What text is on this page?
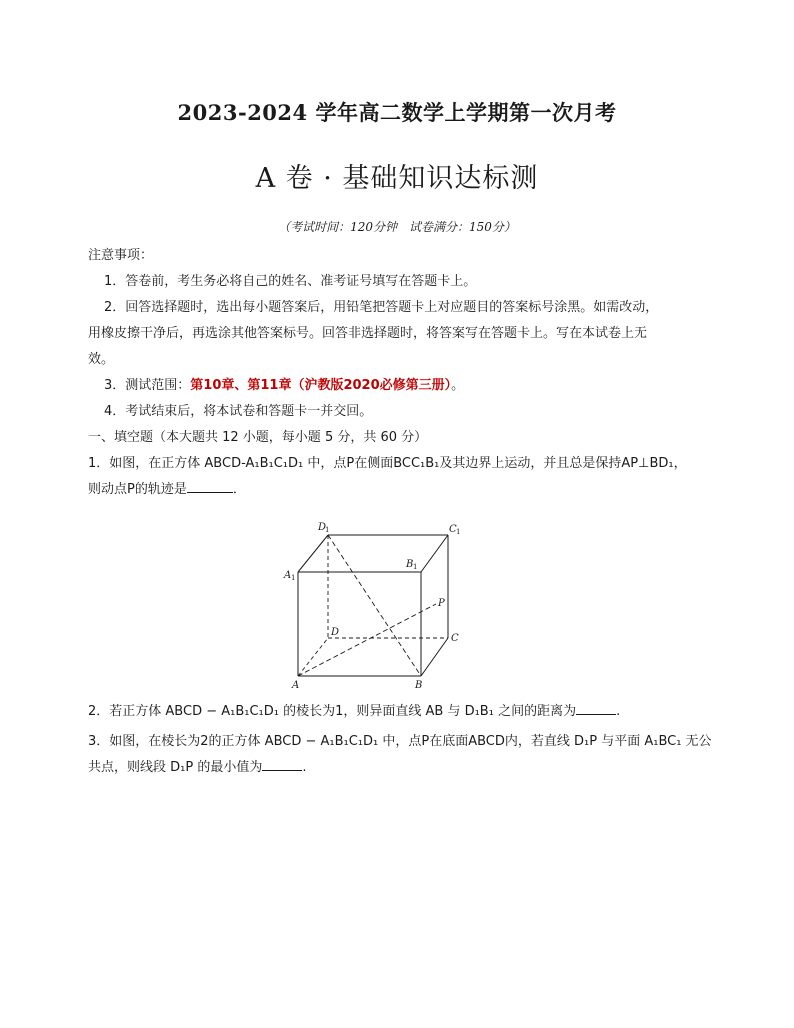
2023-2024 学年高二数学上学期第一次月考
A 卷 · 基础知识达标测
（考试时间：120分钟　试卷满分：150分）
注意事项：
1．答卷前，考生务必将自己的姓名、准考证号填写在答题卡上。
2．回答选择题时，选出每小题答案后，用铅笔把答题卡上对应题目的答案标号涂黑。如需改动，
用橡皮擦干净后，再选涂其他答案标号。回答非选择题时，将答案写在答题卡上。写在本试卷上无
效。
3．测试范围：第10章、第11章（沪教版2020必修第三册）。
4．考试结束后，将本试卷和答题卡一并交回。
一、填空题（本大题共 12 小题，每小题 5 分，共 60 分）
1．如图，在正方体 ABCD-A₁B₁C₁D₁ 中，点P在侧面BCC₁B₁及其边界上运动，并且总是保持AP⊥BD₁，
则动点P的轨迹是	．
D
1	C 1
A 1
B 1
P
D
C
A	B
2．若正方体 ABCD − A₁B₁C₁D₁ 的棱长为1，则异面直线 AB 与 D₁B₁ 之间的距离为	.
3．如图，在棱长为2的正方体 ABCD − A₁B₁C₁D₁ 中，点P在底面ABCD内，若直线 D₁P 与平面 A₁BC₁ 无公
共点，则线段 D₁P 的最小值为	.
